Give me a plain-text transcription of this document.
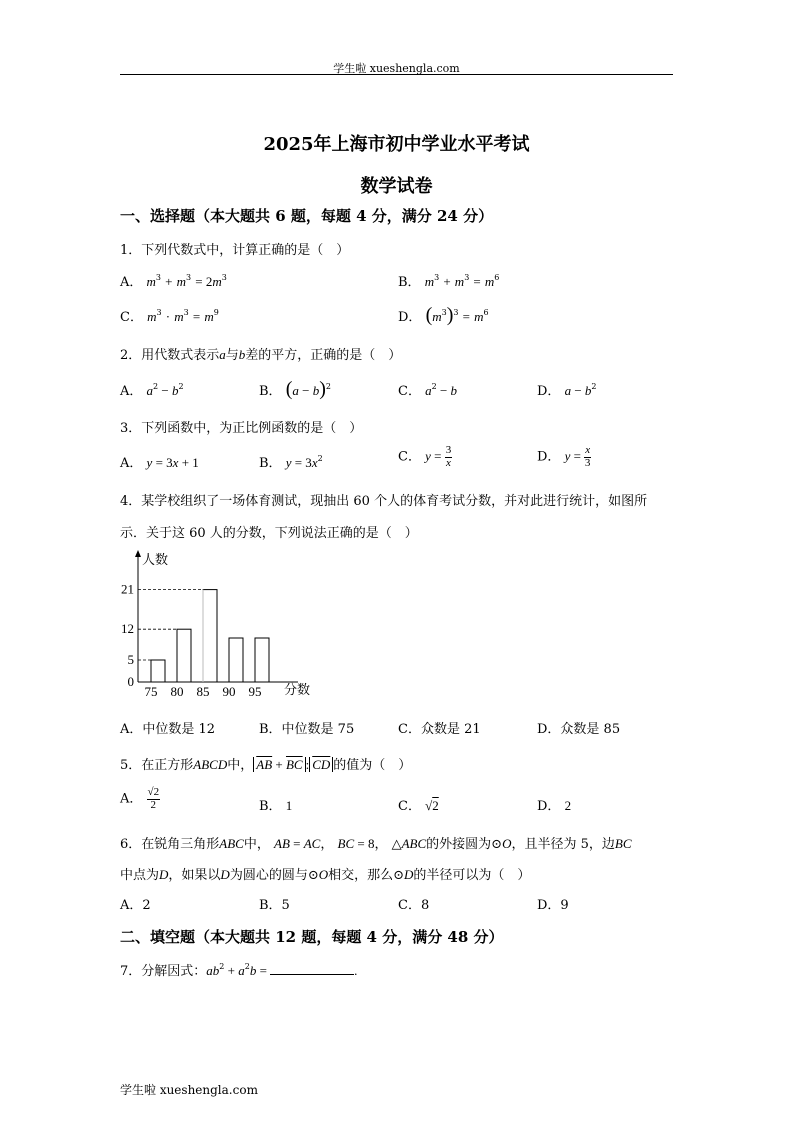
学生啦 xueshengla.com
2025年上海市初中学业水平考试
数学试卷
一、选择题（本大题共 6 题，每题 4 分，满分 24 分）
1．下列代数式中，计算正确的是（　）
A． $m^3 + m^3 = 2m^3$	B． $m^3 + m^3 = m^6$
C． $m^3 \cdot m^3 = m^9$	D． $(m^3)^3 = m^6$
2．用代数式表示a与b差的平方，正确的是（　）
A． $a^2 - b^2$	B． $(a - b)^2$	C． $a^2 - b$	D． $a - b^2$
3．下列函数中，为正比例函数的是（　）
A． y = 3x + 1	B． $y = 3x^2$	C． $y = \frac{3}{x}$	D． $y = \frac{x}{3}$
4．某学校组织了一场体育测试，现抽出 60 个人的体育考试分数，并对此进行统计，如图所
示．关于这 60 人的分数，下列说法正确的是（　）
人数
分数
0
5
12
21
75 80 85 90 95
A．中位数是 12	B．中位数是 75	C．众数是 21	D．众数是 85
5．在正方形ABCD中， $\overline{AB} + \overline{BC}$ : $\overline{CD}$ 的值为（　）
A． $\frac{√2}{2}$	B． 1	C． √2	D． 2
6．在锐角三角形ABC中， AB = AC， BC = 8， △ABC的外接圆为⊙O，且半径为 5，边BC
中点为D，如果以D为圆心的圆与⊙O相交，那么⊙D的半径可以为（　）
A．2	B．5	C．8	D．9
二、填空题（本大题共 12 题，每题 4 分，满分 48 分）
7．分解因式：$ab^2 + a^2b$ =	.
学生啦 xueshengla.com
